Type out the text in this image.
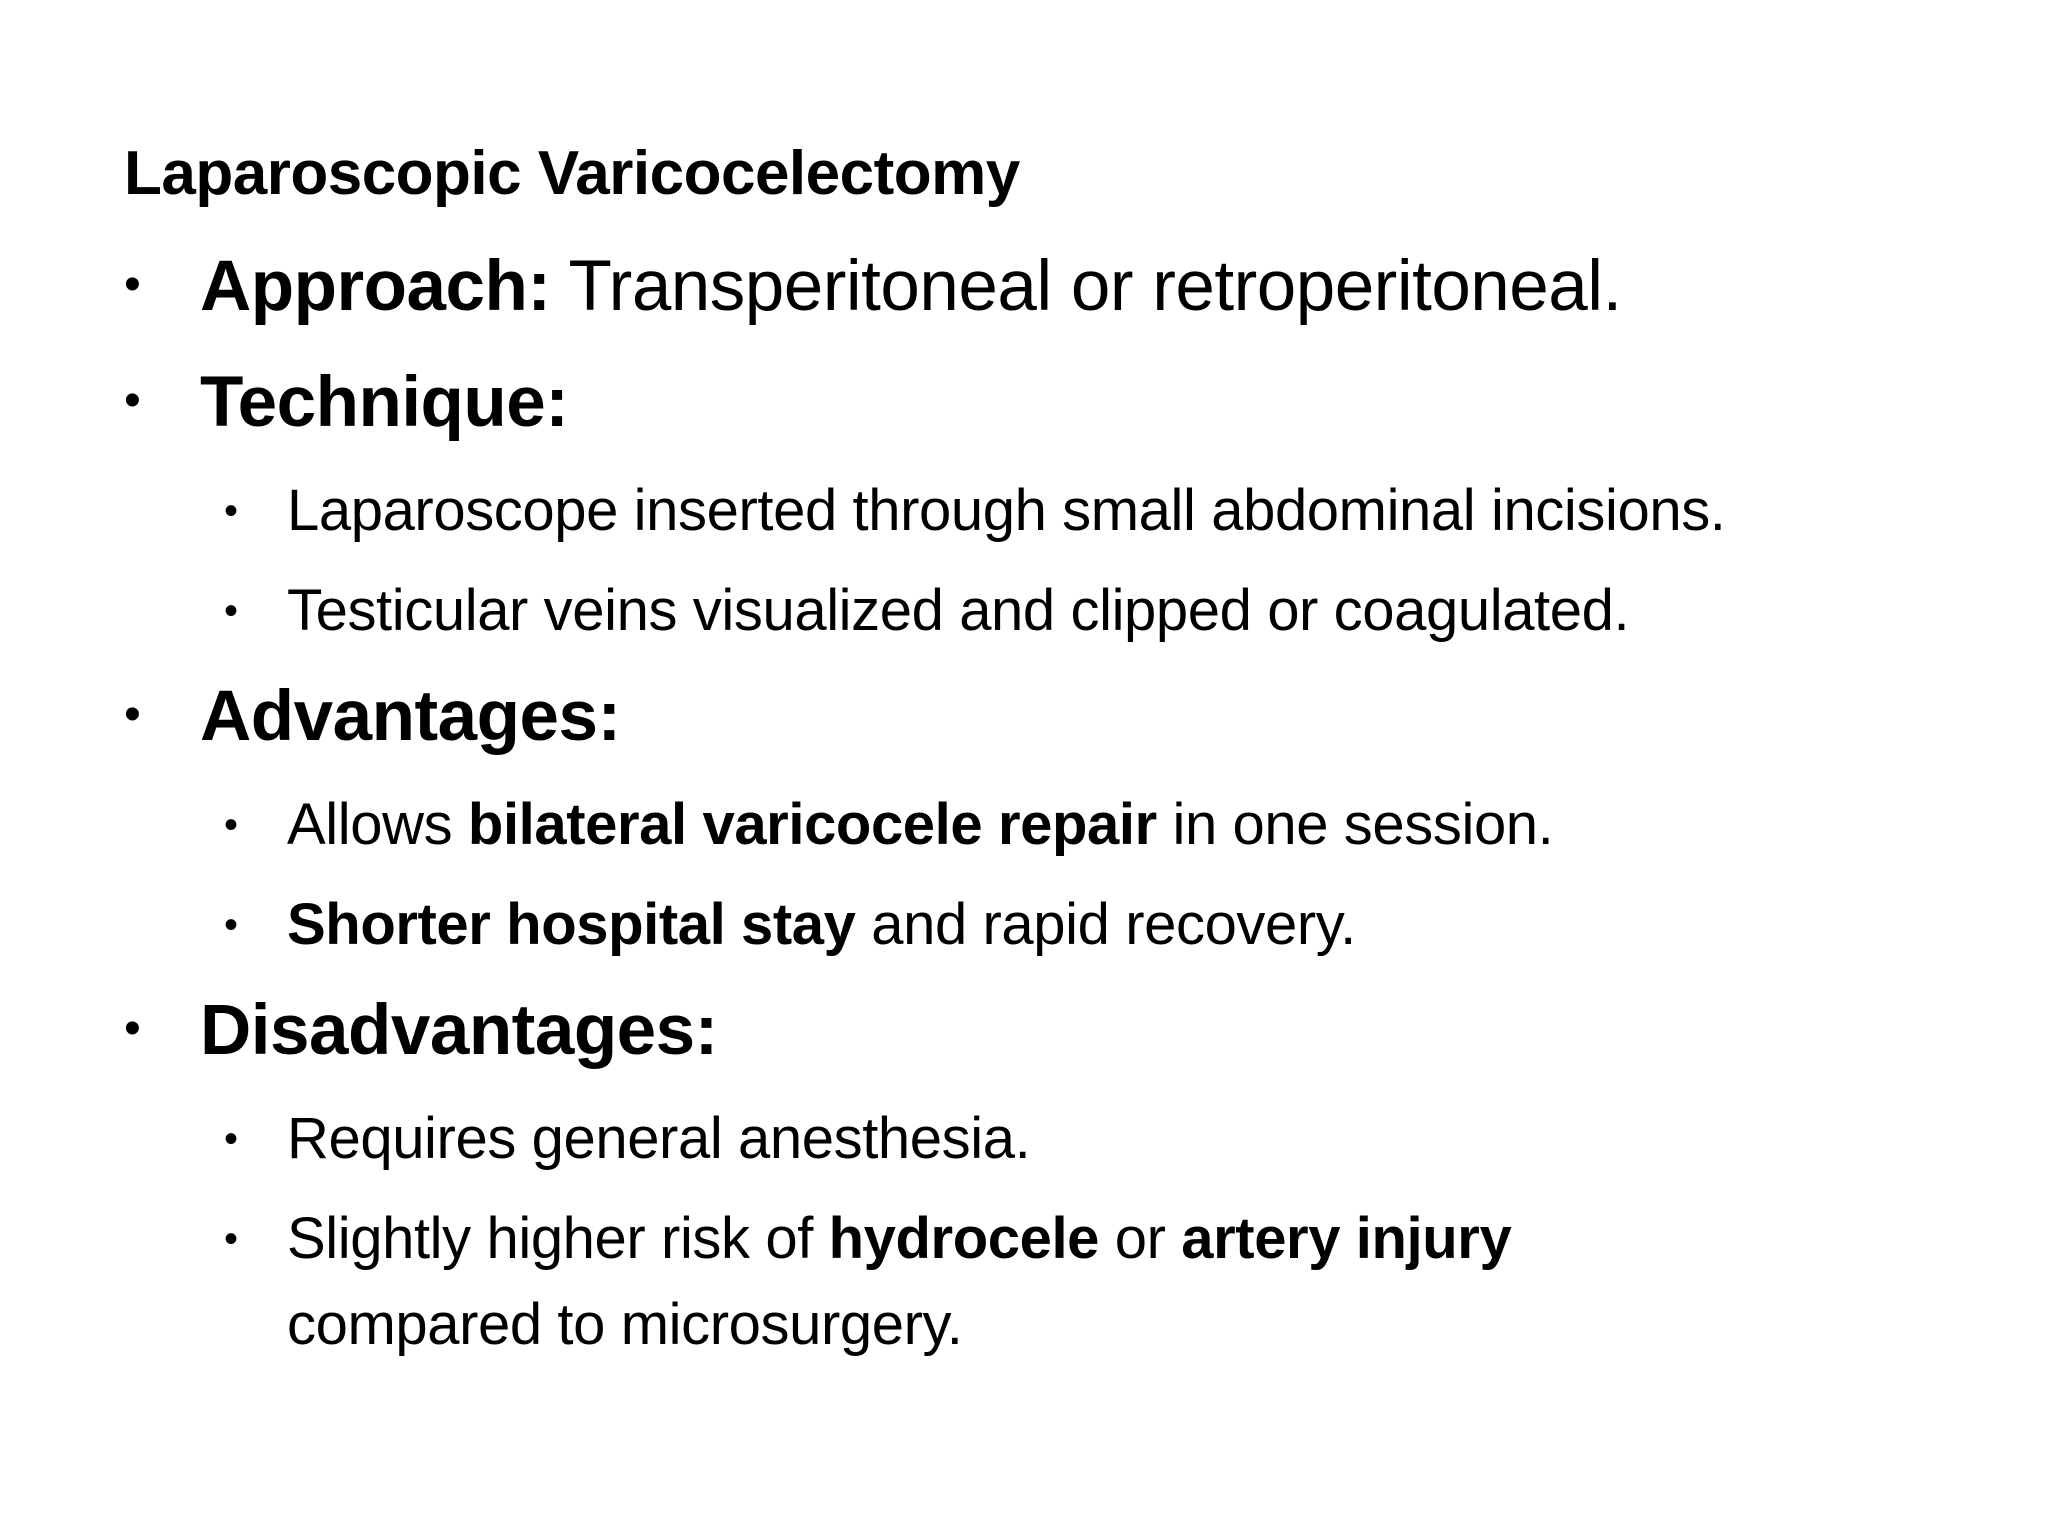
Laparoscopic Varicocelectomy
• Approach: Transperitoneal or retroperitoneal.
• Technique:
• Laparoscope inserted through small abdominal incisions.
• Testicular veins visualized and clipped or coagulated.
• Advantages:
• Allows bilateral varicocele repair in one session.
• Shorter hospital stay and rapid recovery.
• Disadvantages:
• Requires general anesthesia.
• Slightly higher risk of hydrocele or artery injury
compared to microsurgery.
